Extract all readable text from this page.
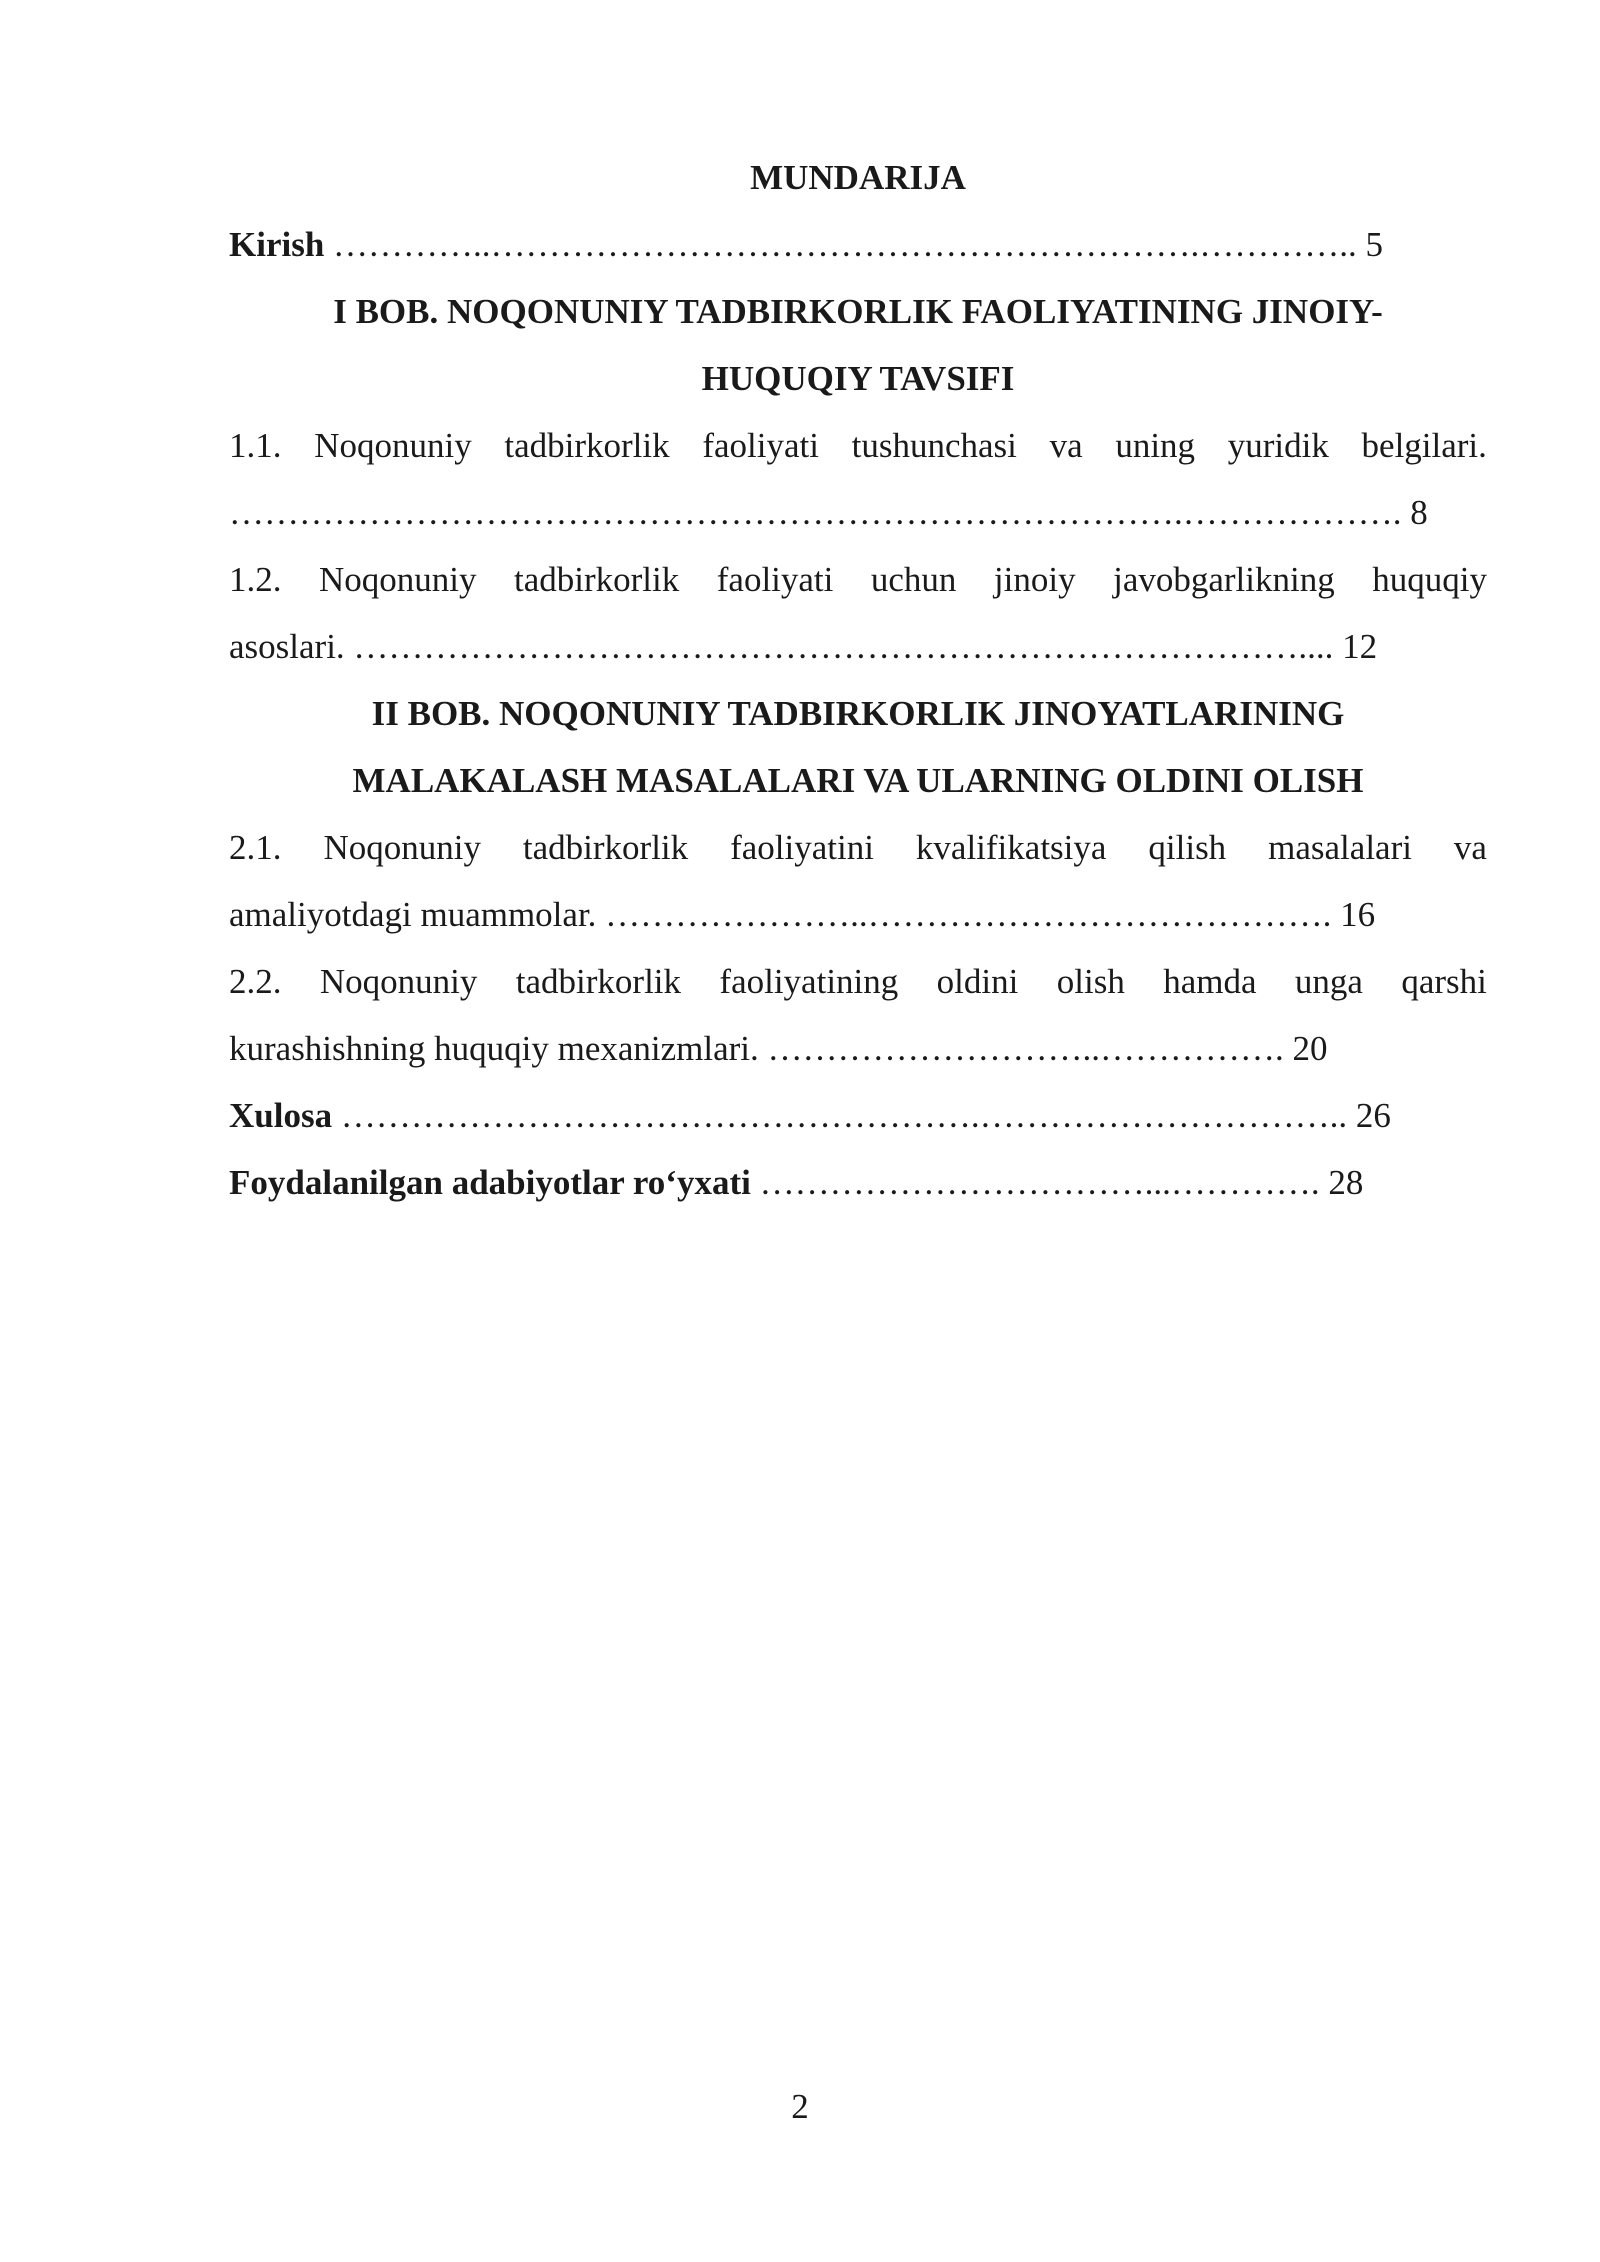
MUNDARIJA

Kirish …………..…………………………………………………….………….. 5

I BOB. NOQONUNIY TADBIRKORLIK FAOLIYATINING JINOIY-
HUQUQIY TAVSIFI
1.1. Noqonuniy tadbirkorlik faoliyati tushunchasi va uning yuridik belgilari.
……………………………………………………………………….………………. 8
1.2. Noqonuniy tadbirkorlik faoliyati uchun jinoiy javobgarlikning huquqiy
asoslari. ……………………………………………………………………….... 12
II BOB. NOQONUNIY TADBIRKORLIK JINOYATLARINING
MALAKALASH MASALALARI VA ULARNING OLDINI OLISH
2.1. Noqonuniy tadbirkorlik faoliyatini kvalifikatsiya qilish masalalari va
amaliyotdagi muammolar. …………………..…………………………………. 16
2.2. Noqonuniy tadbirkorlik faoliyatining oldini olish hamda unga qarshi
kurashishning huquqiy mexanizmlari. ………………………..……………. 20

Xulosa ……………………………………………….………………………….. 26

Foydalanilgan adabiyotlar ro‘yxati ……………………………...…………. 28

2
